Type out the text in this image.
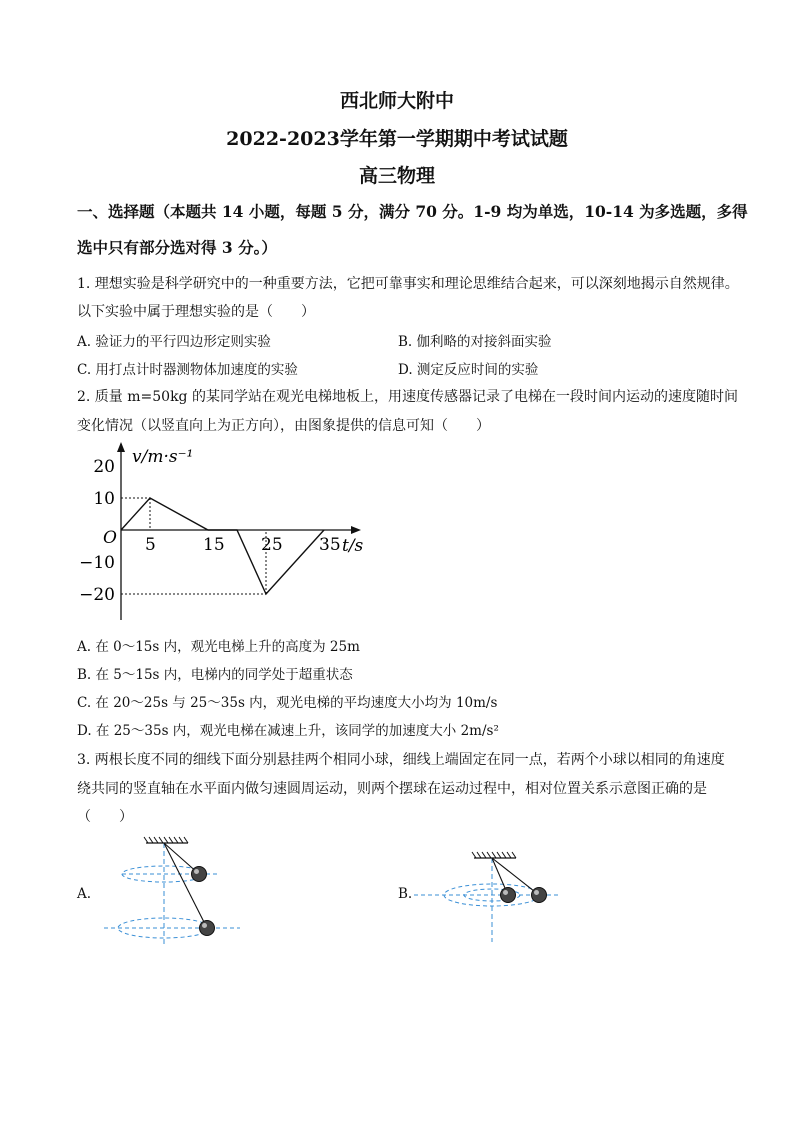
西北师大附中
2022-2023学年第一学期期中考试试题
高三物理
一、选择题（本题共 14 小题，每题 5 分，满分 70 分。1-9 均为单选，10-14 为多选题，多得
选中只有部分选对得 3 分。）
1. 理想实验是科学研究中的一种重要方法，它把可靠事实和理论思维结合起来，可以深刻地揭示自然规律。
以下实验中属于理想实验的是（　　）
A. 验证力的平行四边形定则实验	B. 伽利略的对接斜面实验
C. 用打点计时器测物体加速度的实验	D. 测定反应时间的实验
2. 质量 m=50kg 的某同学站在观光电梯地板上，用速度传感器记录了电梯在一段时间内运动的速度随时间
变化情况（以竖直向上为正方向），由图象提供的信息可知（　　）
v/m·s⁻¹
t/s
O 5	15 25 35
20
10
−10
−20
A. 在 0～15s 内，观光电梯上升的高度为 25m
B. 在 5～15s 内，电梯内的同学处于超重状态
C. 在 20～25s 与 25～35s 内，观光电梯的平均速度大小均为 10m/s
D. 在 25～35s 内，观光电梯在减速上升，该同学的加速度大小 2m/s²
3. 两根长度不同的细线下面分别悬挂两个相同小球，细线上端固定在同一点，若两个小球以相同的角速度
绕共同的竖直轴在水平面内做匀速圆周运动，则两个摆球在运动过程中，相对位置关系示意图正确的是
（　　）
A.	B.
